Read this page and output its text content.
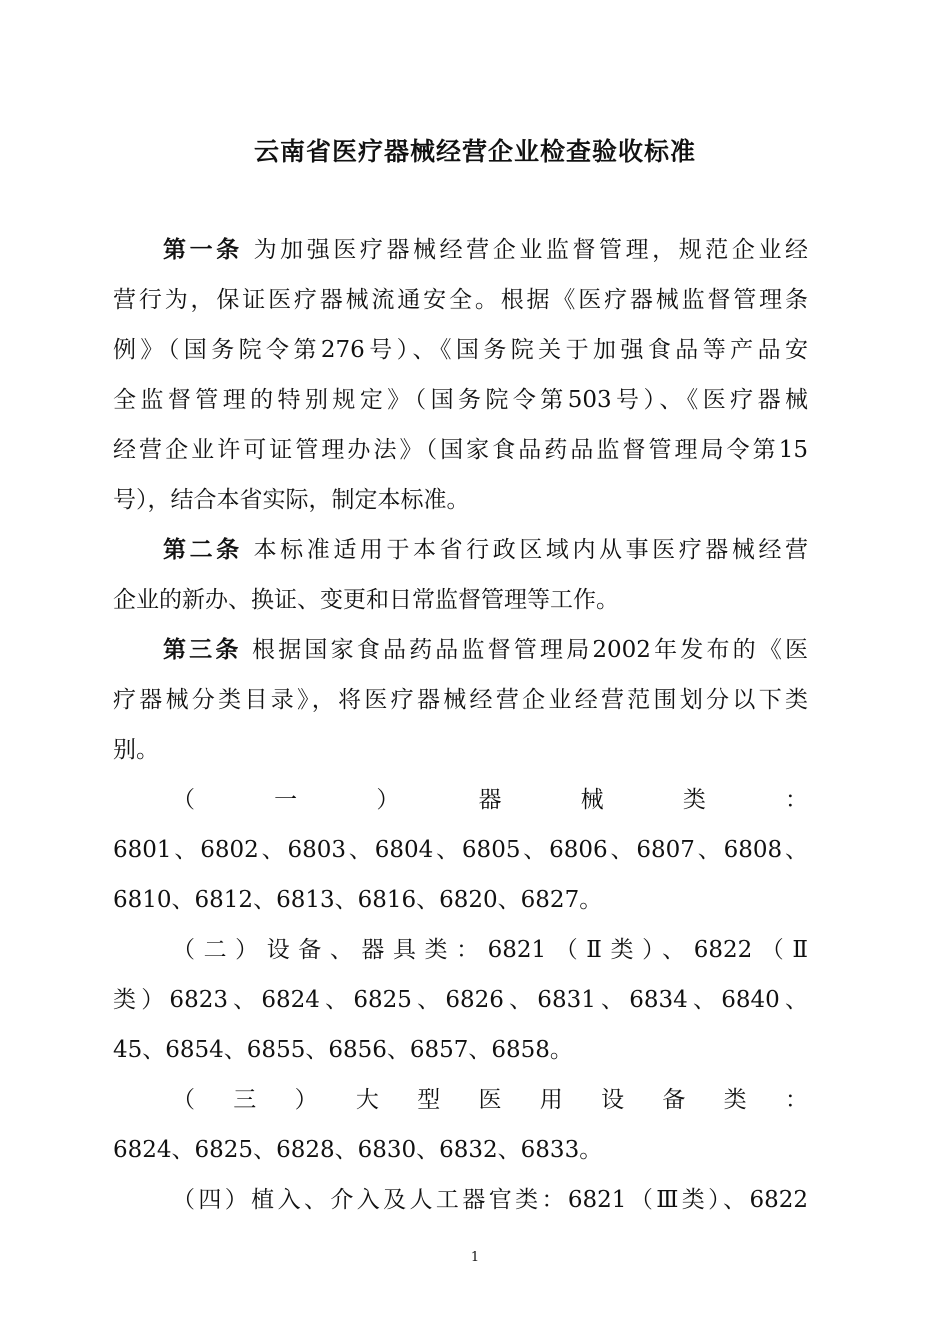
云南省医疗器械经营企业检查验收标准
第一条 为加强医疗器械经营企业监督管理，规范企业经
营行为，保证医疗器械流通安全。根据《医疗器械监督管理条
例》（国务院令第276号）、《国务院关于加强食品等产品安
全监督管理的特别规定》（国务院令第503号）、《医疗器械
经营企业许可证管理办法》（国家食品药品监督管理局令第15
号），结合本省实际，制定本标准。
第二条 本标准适用于本省行政区域内从事医疗器械经营
企业的新办、换证、变更和日常监督管理等工作。
第三条 根据国家食品药品监督管理局2002年发布的《医
疗器械分类目录》，将医疗器械经营企业经营范围划分以下类
别。
（ 一 ） 器 械 类 ：
6801、6802、6803、6804、6805、6806、6807、6808、
6810、6812、6813、6816、6820、6827。
（二）设备、器具类：6821（Ⅱ类）、6822（Ⅱ
类）6823、6824、6825、6826、6831、6834、6840、
45、6854、6855、6856、6857、6858。
（ 三 ） 大 型 医 用 设 备 类 ：
6824、6825、6828、6830、6832、6833。
（四）植入、介入及人工器官类：6821（Ⅲ类）、6822
1
